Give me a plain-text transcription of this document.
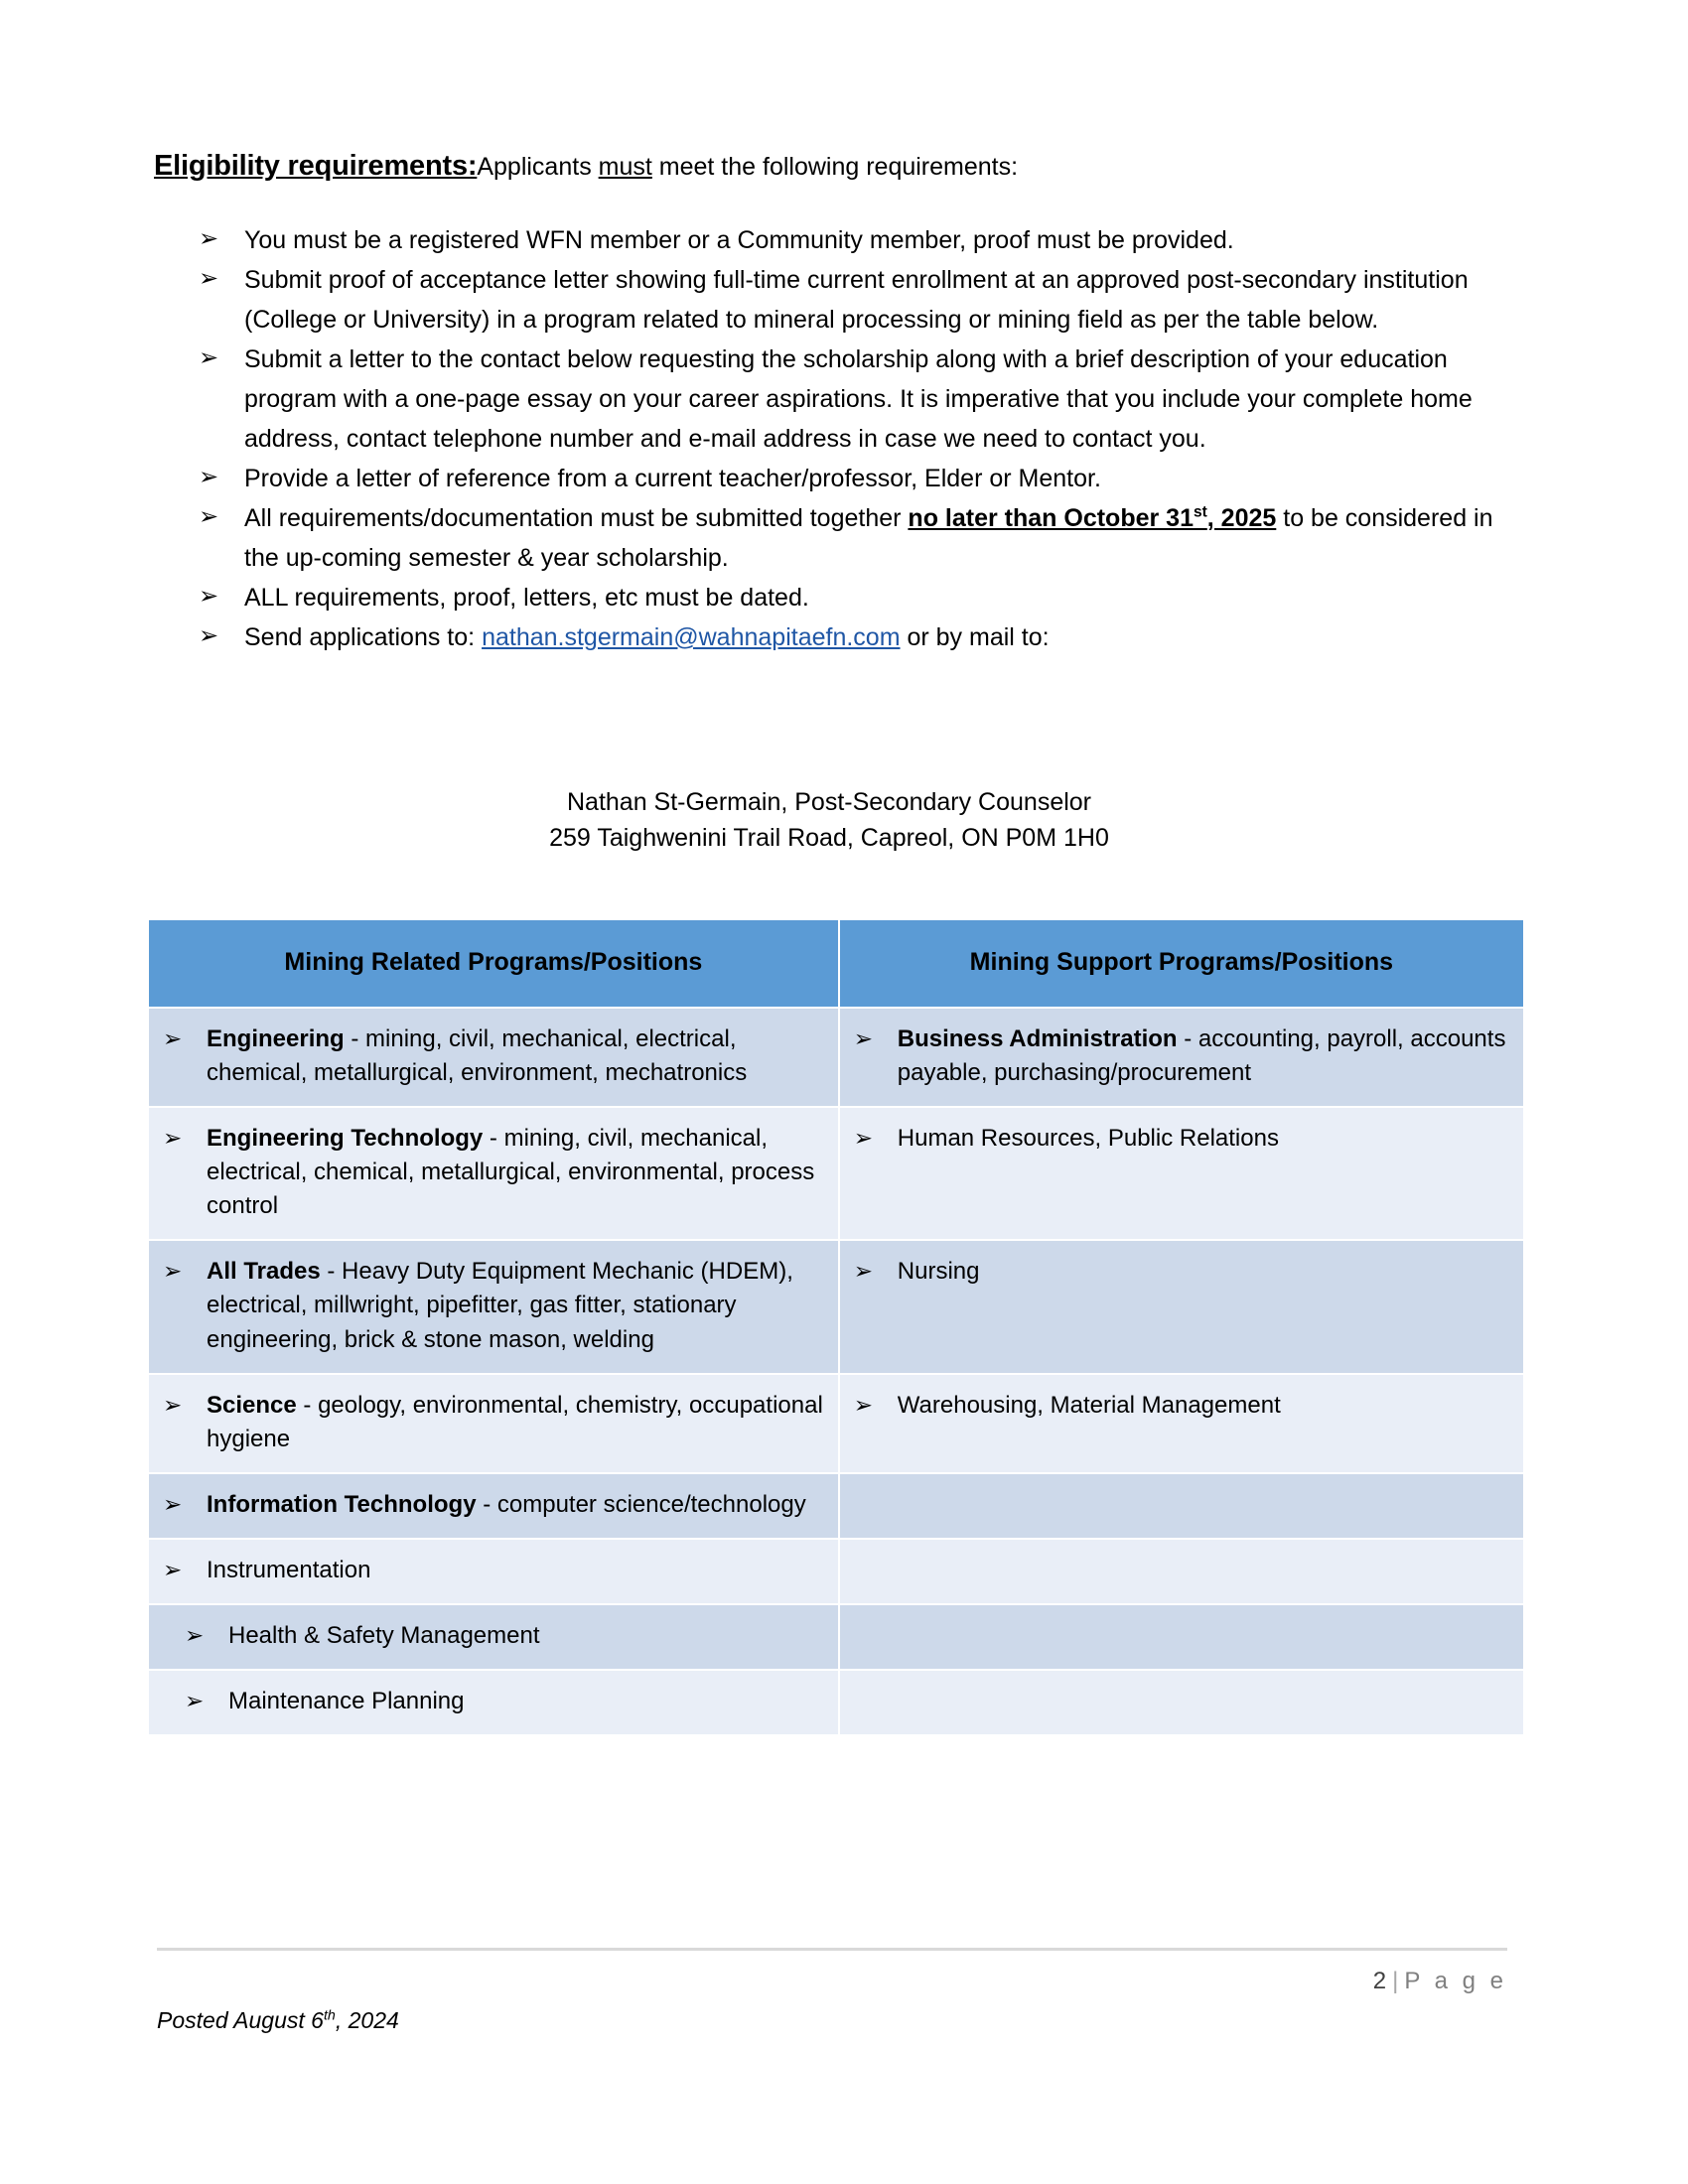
Eligibility requirements:Applicants must meet the following requirements:
➢	You must be a registered WFN member or a Community member, proof must be provided.
➢	Submit proof of acceptance letter showing full-time current enrollment at an approved post-secondary institution (College or University) in a program related to mineral processing or mining field as per the table below.
➢	Submit a letter to the contact below requesting the scholarship along with a brief description of your education program with a one-page essay on your career aspirations. It is imperative that you include your complete home address, contact telephone number and e-mail address in case we need to contact you.
➢	Provide a letter of reference from a current teacher/professor, Elder or Mentor.
➢	All requirements/documentation must be submitted together no later than October 31st, 2025 to be considered in the up-coming semester & year scholarship.
➢	ALL requirements, proof, letters, etc must be dated.
➢	Send applications to: nathan.stgermain@wahnapitaefn.com or by mail to:
Nathan St-Germain, Post-Secondary Counselor
259 Taighwenini Trail Road, Capreol, ON P0M 1H0
Mining Related Programs/Positions	Mining Support Programs/Positions

➢ Engineering - mining, civil, mechanical, electrical, chemical, metallurgical, environment, mechatronics	➢ Business Administration - accounting, payroll, accounts payable, purchasing/procurement

➢ Engineering Technology - mining, civil, mechanical, electrical, chemical, metallurgical, environmental, process control	➢ Human Resources, Public Relations

➢ All Trades - Heavy Duty Equipment Mechanic (HDEM), electrical, millwright, pipefitter, gas fitter, stationary engineering, brick & stone mason, welding	➢ Nursing

➢ Science - geology, environmental, chemistry, occupational hygiene	➢ Warehousing, Material Management

➢ Information Technology - computer science/technology	

➢ Instrumentation	

➢ Health & Safety Management	

➢ Maintenance Planning	

2 | P a g e
Posted August 6th, 2024
